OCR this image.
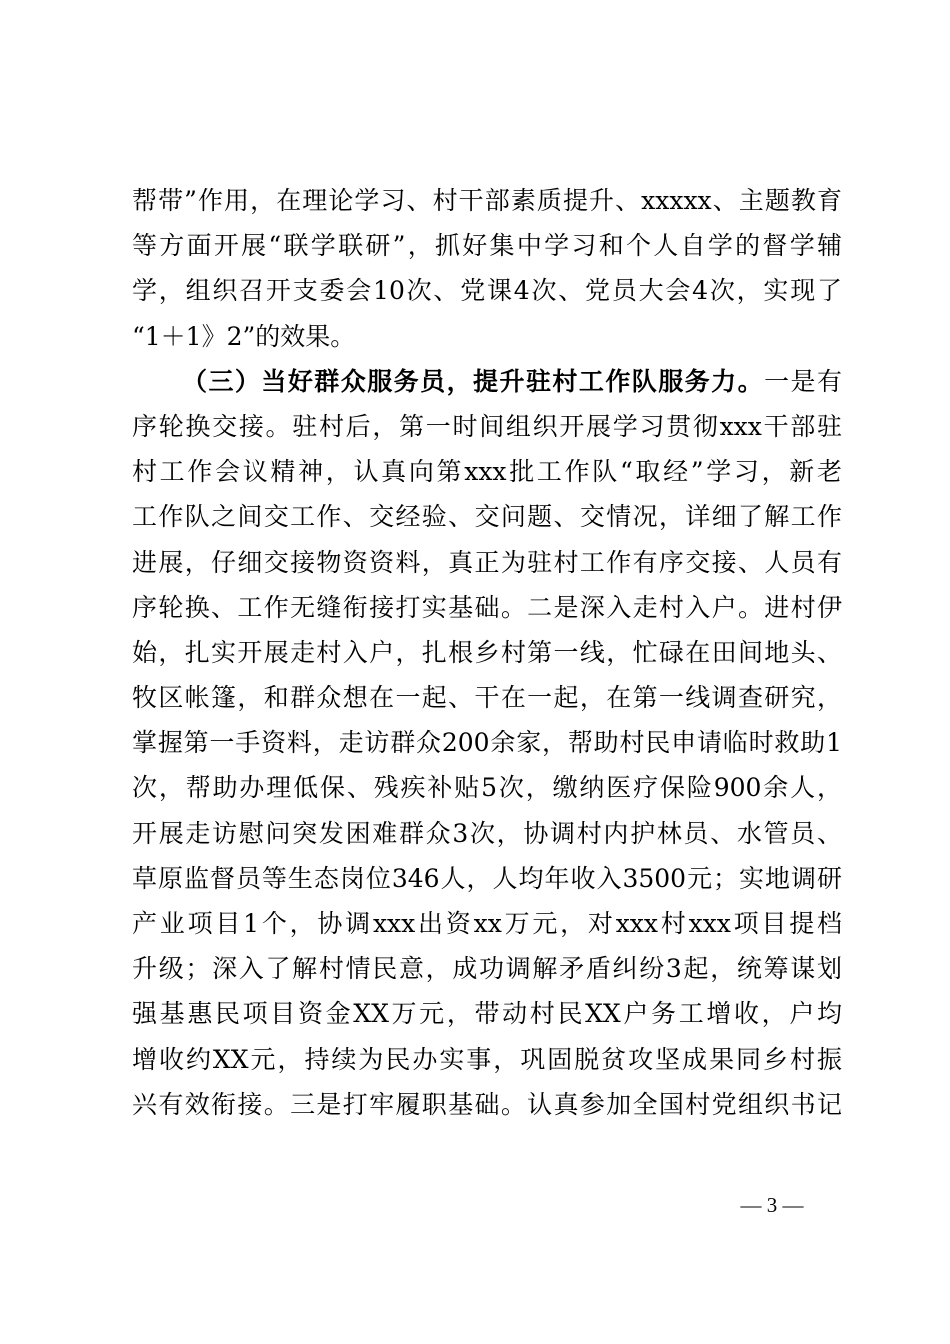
帮带”作用，在理论学习、村干部素质提升、xxxxx、主题教育
等方面开展“联学联研”，抓好集中学习和个人自学的督学辅
学，组织召开支委会10次、党课4次、党员大会4次，实现了
“1＋1》2”的效果。
（三）当好群众服务员，提升驻村工作队服务力。一是有
序轮换交接。驻村后，第一时间组织开展学习贯彻xxx干部驻
村工作会议精神，认真向第xxx批工作队“取经”学习，新老
工作队之间交工作、交经验、交问题、交情况，详细了解工作
进展，仔细交接物资资料，真正为驻村工作有序交接、人员有
序轮换、工作无缝衔接打实基础。二是深入走村入户。进村伊
始，扎实开展走村入户，扎根乡村第一线，忙碌在田间地头、
牧区帐篷，和群众想在一起、干在一起，在第一线调查研究，
掌握第一手资料，走访群众200余家，帮助村民申请临时救助1
次，帮助办理低保、残疾补贴5次，缴纳医疗保险900余人，
开展走访慰问突发困难群众3次，协调村内护林员、水管员、
草原监督员等生态岗位346人，人均年收入3500元；实地调研
产业项目1个，协调xxx出资xx万元，对xxx村xxx项目提档
升级；深入了解村情民意，成功调解矛盾纠纷3起，统筹谋划
强基惠民项目资金XX万元，带动村民XX户务工增收，户均
增收约XX元，持续为民办实事，巩固脱贫攻坚成果同乡村振
兴有效衔接。三是打牢履职基础。认真参加全国村党组织书记
— 3 —
